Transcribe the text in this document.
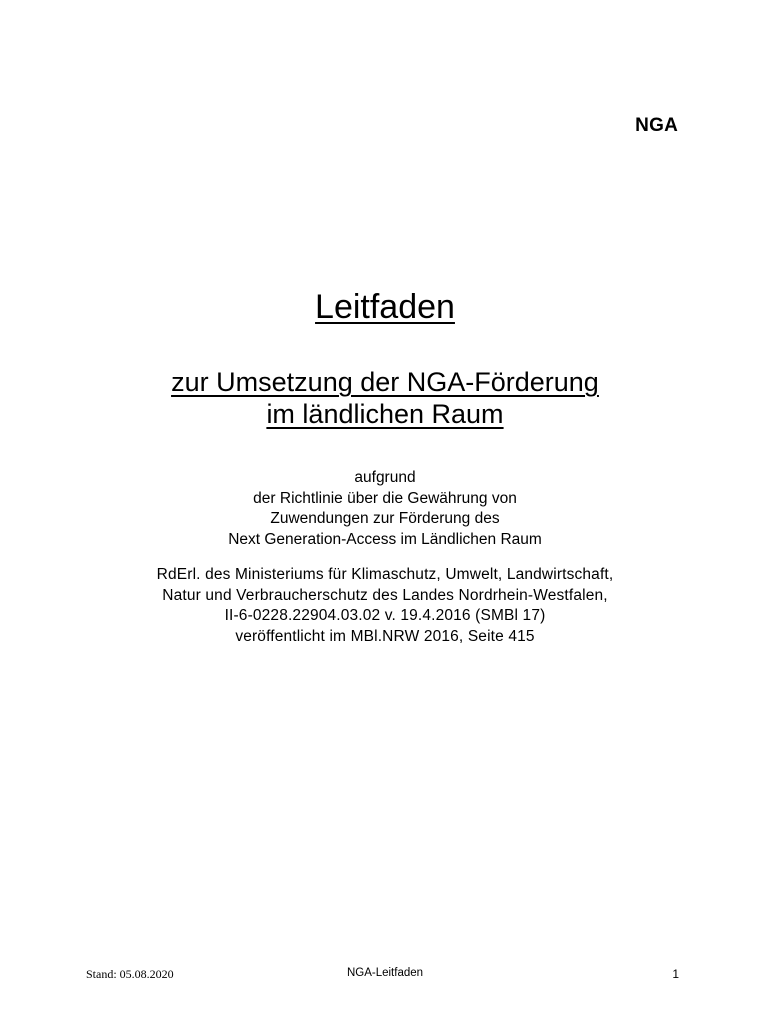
NGA
Leitfaden
zur Umsetzung der NGA-Förderung
im ländlichen Raum
aufgrund
der Richtlinie über die Gewährung von
Zuwendungen zur Förderung des
Next Generation-Access im Ländlichen Raum
RdErl. des Ministeriums für Klimaschutz, Umwelt, Landwirtschaft,
Natur und Verbraucherschutz des Landes Nordrhein-Westfalen,
II-6-0228.22904.03.02 v. 19.4.2016 (SMBl 17)
veröffentlicht im MBl.NRW 2016, Seite 415
Stand: 05.08.2020	NGA-Leitfaden	1
